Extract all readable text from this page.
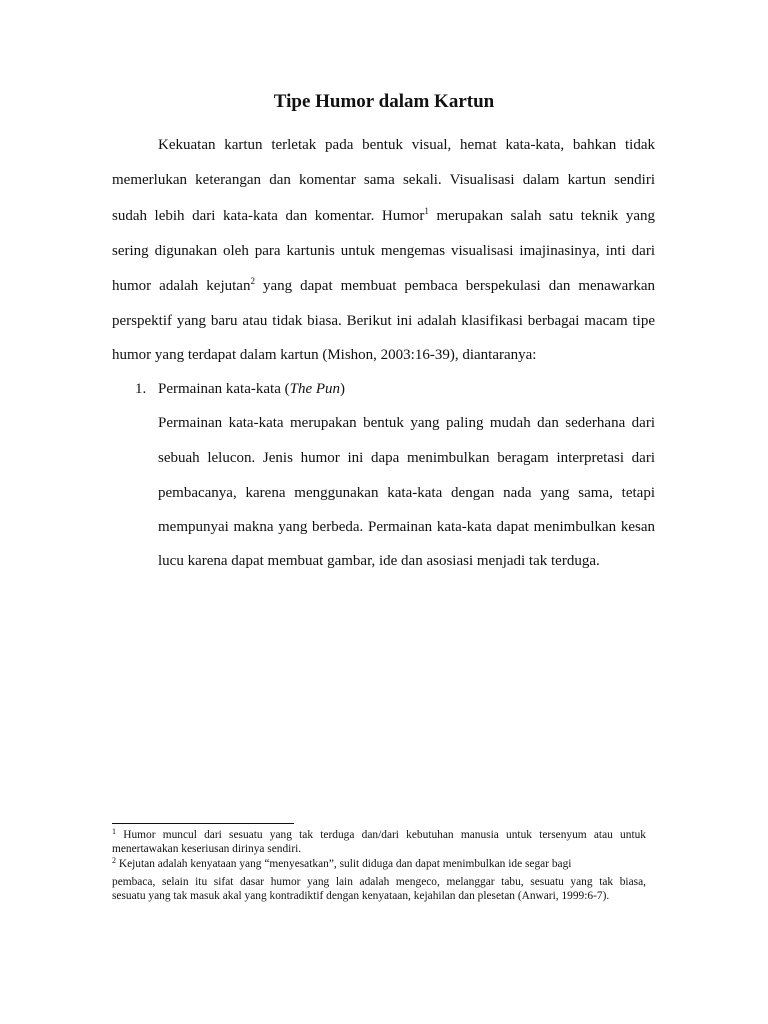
Tipe Humor dalam Kartun
Kekuatan kartun terletak pada bentuk visual, hemat kata-kata, bahkan tidak
memerlukan keterangan dan komentar sama sekali. Visualisasi dalam kartun sendiri
sudah lebih dari kata-kata dan komentar. Humor$^1$ merupakan salah satu teknik yang
sering digunakan oleh para kartunis untuk mengemas visualisasi imajinasinya, inti dari
humor adalah kejutan$^2$ yang dapat membuat pembaca berspekulasi dan menawarkan
perspektif yang baru atau tidak biasa. Berikut ini adalah klasifikasi berbagai macam tipe
humor yang terdapat dalam kartun (Mishon, 2003:16-39), diantaranya:
1. Permainan kata-kata (The Pun)
Permainan kata-kata merupakan bentuk yang paling mudah dan sederhana dari
sebuah lelucon. Jenis humor ini dapa menimbulkan beragam interpretasi dari
pembacanya, karena menggunakan kata-kata dengan nada yang sama, tetapi
mempunyai makna yang berbeda. Permainan kata-kata dapat menimbulkan kesan
lucu karena dapat membuat gambar, ide dan asosiasi menjadi tak terduga.
$^1$ Humor muncul dari sesuatu yang tak terduga dan/dari kebutuhan manusia untuk tersenyum atau untuk
menertawakan keseriusan dirinya sendiri.
$^2$ Kejutan adalah kenyataan yang “menyesatkan”, sulit diduga dan dapat menimbulkan ide segar bagi
pembaca, selain itu sifat dasar humor yang lain adalah mengeco, melanggar tabu, sesuatu yang tak biasa,
sesuatu yang tak masuk akal yang kontradiktif dengan kenyataan, kejahilan dan plesetan (Anwari, 1999:6-7).
